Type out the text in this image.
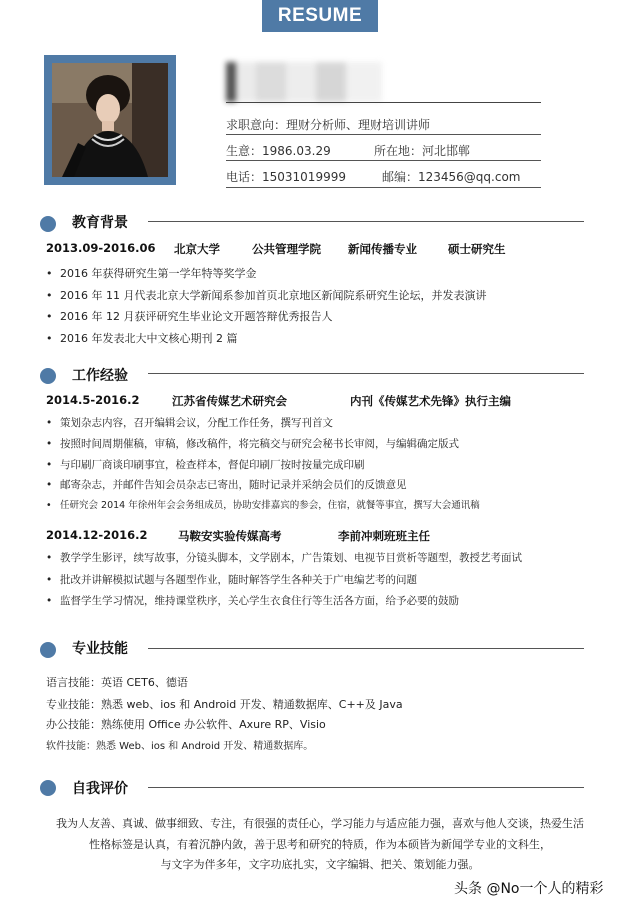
RESUME
求职意向：理财分析师、理财培训讲师
生意：1986.03.29	所在地：河北邯郸
电话：15031019999	邮编：123456@qq.com
教育背景
2013.09-2016.06 北京大学	公共管理学院 新闻传播专业	硕士研究生
• 2016 年获得研究生第一学年特等奖学金
• 2016 年 11 月代表北京大学新闻系参加首页北京地区新闻院系研究生论坛，并发表演讲
• 2016 年 12 月获评研究生毕业论文开题答辩优秀报告人
• 2016 年发表北大中文核心期刊 2 篇
工作经验
2014.5-2016.2	江苏省传媒艺术研究会	内刊《传媒艺术先锋》执行主编
• 策划杂志内容，召开编辑会议，分配工作任务，撰写刊首文
• 按照时间周期催稿，审稿，修改稿件，将完稿交与研究会秘书长审阅，与编辑确定版式
• 与印刷厂商谈印刷事宜，检查样本，督促印刷厂按时按量完成印刷
• 邮寄杂志，并邮件告知会员杂志已寄出，随时记录并采纳会员们的反馈意见
• 任研究会 2014 年徐州年会会务组成员，协助安排嘉宾的参会，住宿，就餐等事宜，撰写大会通讯稿
2014.12-2016.2	马鞍安实验传媒高考	李前冲刺班班主任
• 教学学生影评，续写故事，分镜头脚本，文学剧本，广告策划、电视节目赏析等题型，教授艺考面试
• 批改并讲解模拟试题与各题型作业，随时解答学生各种关于广电编艺考的问题
• 监督学生学习情况，维持课堂秩序，关心学生衣食住行等生活各方面，给予必要的鼓励
专业技能
语言技能：英语 CET6、德语
专业技能：熟悉 web、ios 和 Android 开发、精通数据库、C++及 Java
办公技能：熟练使用 Office 办公软件、Axure RP、Visio
软件技能：熟悉 Web、ios 和 Android 开发、精通数据库。
自我评价
我为人友善、真诚、做事细致、专注，有很强的责任心，学习能力与适应能力强，喜欢与他人交谈，热爱生活
性格标签是认真，有着沉静内敛，善于思考和研究的特质，作为本硕皆为新闻学专业的文科生，
与文字为伴多年，文字功底扎实，文字编辑、把关、策划能力强。
头条 @No一个人的精彩
